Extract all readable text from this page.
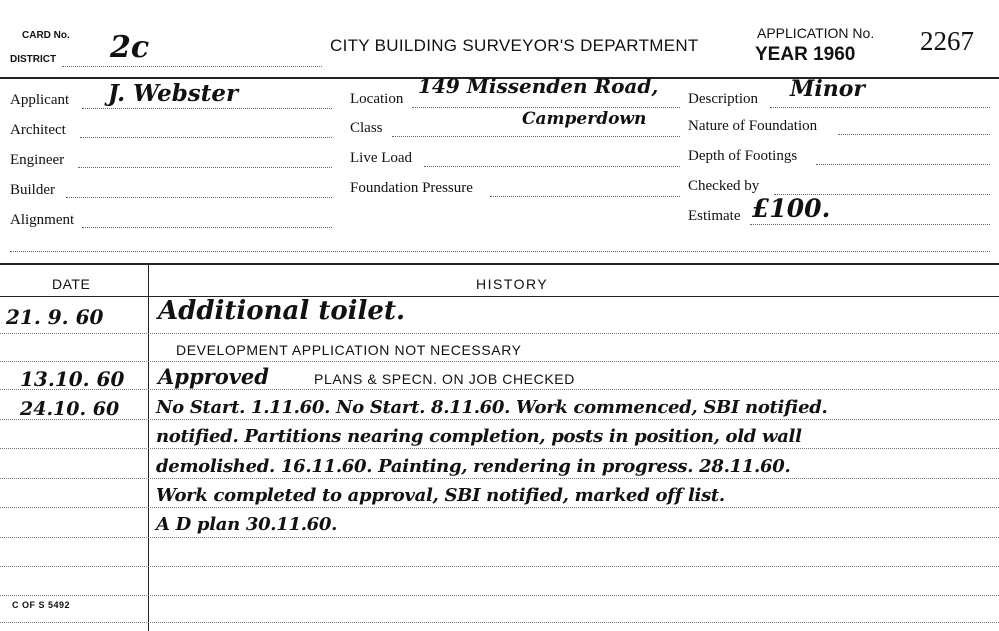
CARD No.
DISTRICT 2c	CITY BUILDING SURVEYOR'S DEPARTMENT
APPLICATION No.
YEAR 1960 2267
Applicant J. Webster
Architect
Engineer
Builder
Alignment
Location
149 Missenden Road,
Class	Camperdown
Live Load
Foundation Pressure
Description Minor
Nature of Foundation
Depth of Footings
Checked by
Estimate £100.
DATE	HISTORY
21. 9. 60 Additional toilet.
DEVELOPMENT APPLICATION NOT NECESSARY
13.10. 60 Approved	PLANS & SPECN. ON JOB CHECKED
24.10. 60 No Start. 1.11.60. No Start. 8.11.60. Work commenced, SBI notified.
notified. Partitions nearing completion, posts in position, old wall
demolished. 16.11.60. Painting, rendering in progress. 28.11.60.
Work completed to approval, SBI notified, marked off list.
A D plan 30.11.60.
C OF S 5492
